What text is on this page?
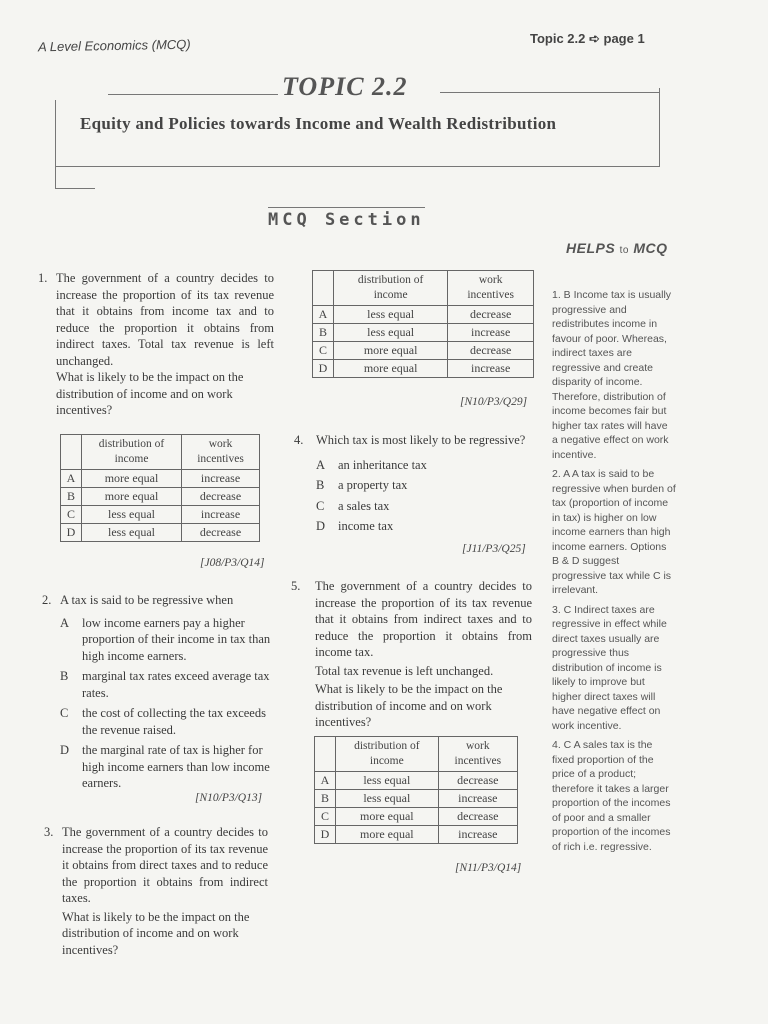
A Level Economics (MCQ)	Topic 2.2 ➪ page 1
TOPIC 2.2
Equity and Policies towards Income and Wealth Redistribution
MCQ Section
HELPS to MCQ
1. The government of a country decides to increase the proportion of its tax revenue that it obtains from income tax and to reduce the proportion it obtains from indirect taxes. Total tax revenue is left unchanged.
What is likely to be the impact on the distribution of income and on work incentives?
	distribution of income	work incentives
A	more equal	increase
B	more equal	decrease
C	less equal	increase
D	less equal	decrease
[J08/P3/Q14]
2. A tax is said to be regressive when
A low income earners pay a higher proportion of their income in tax than high income earners.
B marginal tax rates exceed average tax rates.
C the cost of collecting the tax exceeds the revenue raised.
D the marginal rate of tax is higher for high income earners than low income earners.
[N10/P3/Q13]
3. The government of a country decides to increase the proportion of its tax revenue it obtains from direct taxes and to reduce the proportion it obtains from indirect taxes.
What is likely to be the impact on the distribution of income and on work incentives?
	distribution of income	work incentives
A	less equal	decrease
B	less equal	increase
C	more equal	decrease
D	more equal	increase
[N10/P3/Q29]
4. Which tax is most likely to be regressive?
A an inheritance tax
B a property tax
C a sales tax
D income tax
[J11/P3/Q25]
5. The government of a country decides to increase the proportion of its tax revenue that it obtains from indirect taxes and to reduce the proportion it obtains from income tax.
Total tax revenue is left unchanged.
What is likely to be the impact on the distribution of income and on work incentives?
	distribution of income	work incentives
A	less equal	decrease
B	less equal	increase
C	more equal	decrease
D	more equal	increase
[N11/P3/Q14]

1. B Income tax is usually progressive and redistributes income in favour of poor. Whereas, indirect taxes are regressive and create disparity of income. Therefore, distribution of income becomes fair but higher tax rates will have a negative effect on work incentive.

2. A A tax is said to be regressive when burden of tax (proportion of income in tax) is higher on low income earners than high income earners. Options B & D suggest progressive tax while C is irrelevant.

3. C Indirect taxes are regressive in effect while direct taxes usually are progressive thus distribution of income is likely to improve but higher direct taxes will have negative effect on work incentive.

4. C A sales tax is the fixed proportion of the price of a product; therefore it takes a larger proportion of the incomes of poor and a smaller proportion of the incomes of rich i.e. regressive.
